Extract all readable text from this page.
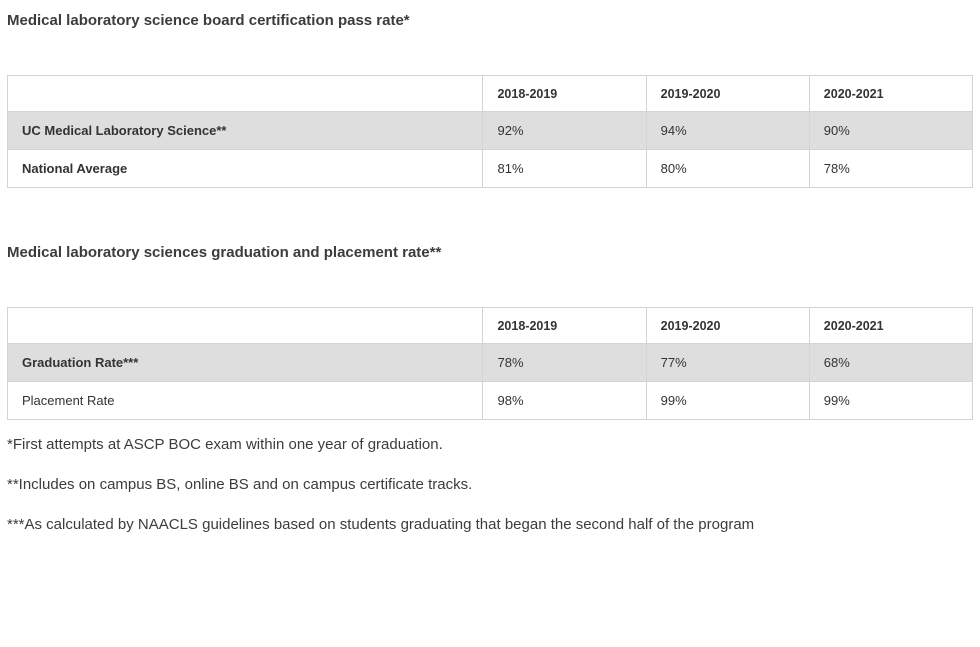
Medical laboratory science board certification pass rate*
	2018-2019	2019-2020	2020-2021
UC Medical Laboratory Science**	92%	94%	90%
National Average	81%	80%	78%
Medical laboratory sciences graduation and placement rate**
	2018-2019	2019-2020	2020-2021
Graduation Rate***	78%	77%	68%
Placement Rate	98%	99%	99%

*First attempts at ASCP BOC exam within one year of graduation.

**Includes on campus BS, online BS and on campus certificate tracks.

***As calculated by NAACLS guidelines based on students graduating that began the second half of the program
